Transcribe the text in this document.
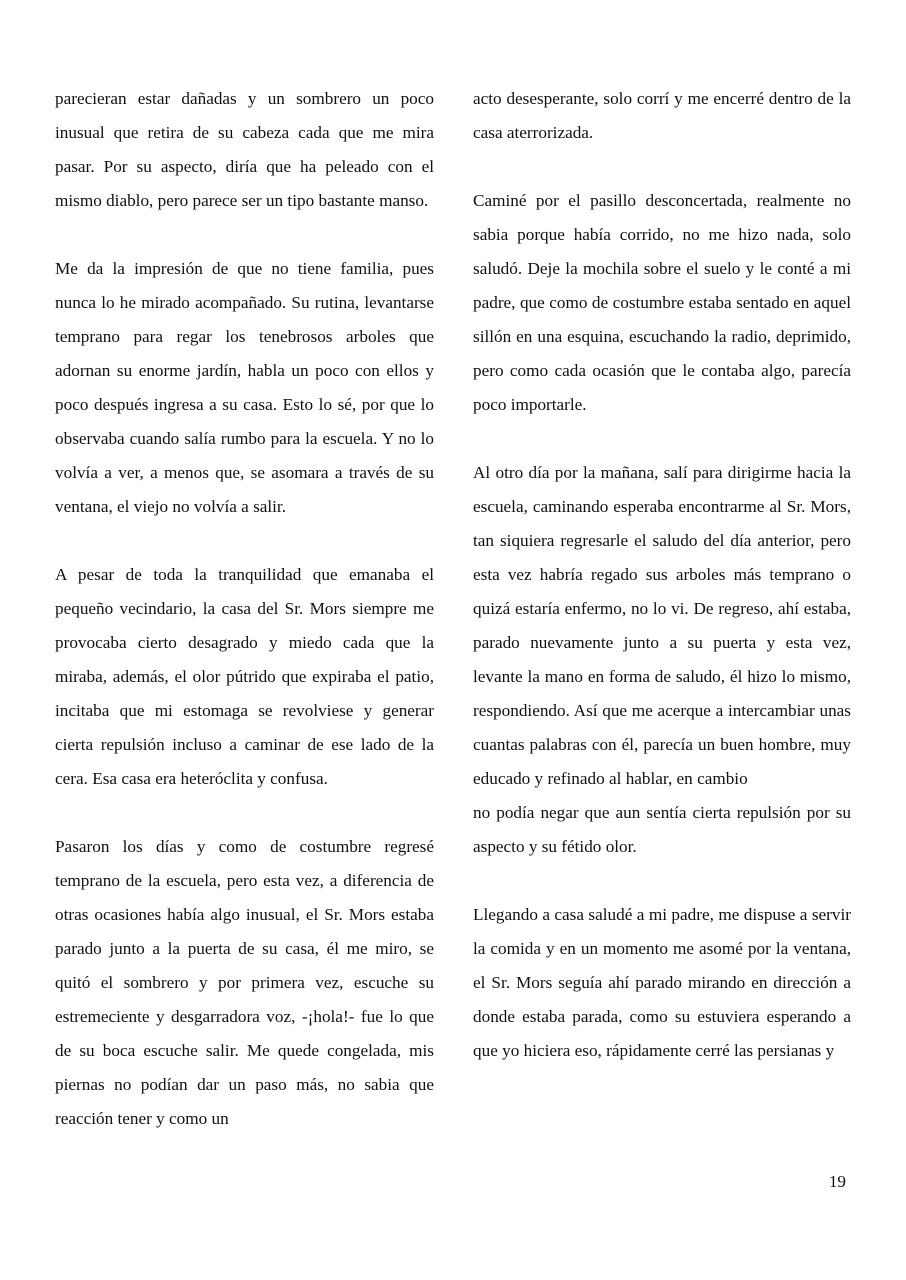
parecieran estar dañadas y un sombrero un poco inusual que retira de su cabeza cada que me mira pasar. Por su aspecto, diría que ha peleado con el mismo diablo, pero parece ser un tipo bastante manso.

Me da la impresión de que no tiene familia, pues nunca lo he mirado acompañado. Su rutina, levantarse temprano para regar los tenebrosos arboles que adornan su enorme jardín, habla un poco con ellos y poco después ingresa a su casa. Esto lo sé, por que lo observaba cuando salía rumbo para la escuela. Y no lo volvía a ver, a menos que, se asomara a través de su ventana, el viejo no volvía a salir.

A pesar de toda la tranquilidad que emanaba el pequeño vecindario, la casa del Sr. Mors siempre me provocaba cierto desagrado y miedo cada que la miraba, además, el olor pútrido que expiraba el patio, incitaba que mi estomaga se revolviese y generar cierta repulsión incluso a caminar de ese lado de la cera. Esa casa era heteróclita y confusa.

Pasaron los días y como de costumbre regresé temprano de la escuela, pero esta vez, a diferencia de otras ocasiones había algo inusual, el Sr. Mors estaba parado junto a la puerta de su casa, él me miro, se quitó el sombrero y por primera vez, escuche su estremeciente y desgarradora voz, -¡hola!- fue lo que de su boca escuche salir. Me quede congelada, mis piernas no podían dar un paso más, no sabia que reacción tener y como un

acto desesperante, solo corrí y me encerré dentro de la casa aterrorizada.

Caminé por el pasillo desconcertada, realmente no sabia porque había corrido, no me hizo nada, solo saludó. Deje la mochila sobre el suelo y le conté a mi padre, que como de costumbre estaba sentado en aquel sillón en una esquina, escuchando la radio, deprimido, pero como cada ocasión que le contaba algo, parecía poco importarle.

Al otro día por la mañana, salí para dirigirme hacia la escuela, caminando esperaba encontrarme al Sr. Mors, tan siquiera regresarle el saludo del día anterior, pero esta vez habría regado sus arboles más temprano o quizá estaría enfermo, no lo vi. De regreso, ahí estaba, parado nuevamente junto a su puerta y esta vez, levante la mano en forma de saludo, él hizo lo mismo, respondiendo. Así que me acerque a intercambiar unas cuantas palabras con él, parecía un buen hombre, muy educado y refinado al hablar, en cambio

no podía negar que aun sentía cierta repulsión por su aspecto y su fétido olor.

Llegando a casa saludé a mi padre, me dispuse a servir la comida y en un momento me asomé por la ventana, el Sr. Mors seguía ahí parado mirando en dirección a donde estaba parada, como su estuviera esperando a que yo hiciera eso, rápidamente cerré las persianas y

19
